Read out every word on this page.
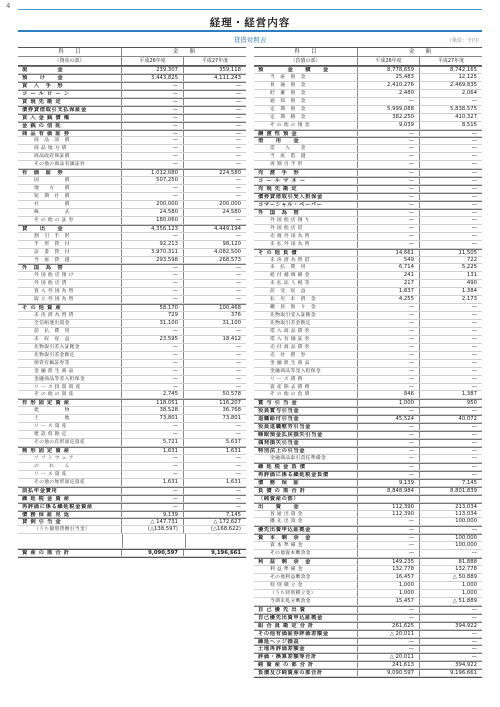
4
経理・経営内容
貸借対照表	（単位：千円）
科　　目	金　　額
（資産の部）	平成26年度	平成27年度
現　　　　　金	239,307	359,118
預　　け　　金	3,443,825	4,111,243
買　入　手　形	—	—
コ ー ル ロ ー ン	—	—
買 現 先 勘 定	—	—
債券貸借取引支払保証金	—	—
買 入 金 銭 債 権	—	—
金 銭 の 信 託	—	—
商 品 有 価 証 券	—	—
商　品　国　債	—	—
商 品 地 方 債	—	—
商品政府保証債	—	—
その他の商品有価証券	—	—
有　価　証　券	1,012,080	224,580
国　　　　　債	507,250	—
地　　方　　債	—	—
短　期　社　債	—	—
社　　　　　債	200,000	200,000
株　　　　　式	24,580	24,580
そ の 他 の 証 券	180,060	—
貸　　出　　金	4,356,123	4,449,194
割　引　手　形	—	—
手　形　貸　付	92,213	98,120
証　書　貸　付	3,970,311	4,082,500
当　座　貸　越	293,598	268,573
外　国　為　替	—	—
外 国 他 店 預 け	—	—
外 国 他 店 貸	—	—
買 入 外 国 為 替	—	—
取 立 外 国 為 替	—	—
そ の 他 資 産	58,170	100,468
未 決 済 為 替 貸	729	376
全信組連出資金	31,100	31,100
前　払　費　用	—	—
未　収　収　益	23,595	18,412
先物取引差入証拠金	—	—
先物取引差金勘定	—	—
保管有価証券等	—	—
金 融 派 生 商 品	—	—
金融商品等差入担保金	—	—
リ ー ス 投 資 資 産	—	—
そ の 他 の 資 産	2,745	50,578
有 形 固 定 資 産	118,051	116,207
建　　　　　物	38,528	36,768
土　　　　　地	73,801	73,801
リ ー ス 資 産	—	—
建 設 仮 勘 定	—	—
その他の有形固定資産	5,721	5,637
無 形 固 定 資 産	1,631	1,631
ソ フ ト ウ ェ ア	—	—
の　　れ　　ん	—	—
リ ー ス 資 産	—	—
その他の無形固定資産	1,631	1,631
前払年金費用	—	—
繰 延 税 金 資 産	—	—
再評価に係る繰延税金資産	—	—
債 務 保 証 見 返	9,139	7,145
貸 倒 引 当 金	△ 147,731	△ 172,627
（うち個別貸倒引当金）	(△138,597)	(△168,622)
資 産 の 部 合 計	9,090,597	9,196,661
科　　目	金　　額
（負債の部）	平成26年度	平成27年度
預　　　　金　　積　　金	8,778,659	8,742,165
当　座　預　金	25,483	12,125
普　通　預　金	2,410,276	2,469,835
貯　蓄　預　金	2,480	2,064
通　知　預　金	—	—
定　期　預　金	5,999,088	5,838,575
定　期　積　金	382,250	410,327
そ の 他 の 預 金	9,039	8,515
譲 渡 性 預 金	—	—
借　　用　　金	—	—
借　　入　　金	—	—
当　座　借　越	—	—
再 割 引 手 形	—	—
売　渡　手　形	—	—
コ ー ル マ ネ ー	—	—
売 現 先 勘 定	—	—
債券貸借取引受入担保金	—	—
コマーシャル・ペーパー	—	—
外　国　為　替	—	—
外 国 他 店 預 り	—	—
外 国 他 店 借	—	—
売 渡 外 国 為 替	—	—
未 払 外 国 為 替	—	—
そ の 他 負 債	14,661	11,505
未 決 済 為 替 借	549	722
未　払　費　用	6,714	5,225
給 付 補 填 備 金	241	131
未 払 法 人 税 等	217	490
前　受　収　益	1,837	1,384
払　戻　未　済　金	4,255	2,173
職　員　預　り　金	—	—
先物取引受入証拠金	—	—
先物取引差金勘定	—	—
借 入 商 品 債 券	—	—
借 入 有 価 証 券	—	—
売 付 商 品 債 券	—	—
売　付　債　券	—	—
金 融 派 生 商 品	—	—
金融商品等受入担保金	—	—
リ ー ス 債 務	—	—
資 産 除 去 債 務	—	—
そ の 他 の 負 債	846	1,387
賞 与 引 当 金	1,000	950
役員賞与引当金	—	—
退職給付引当金	45,524	40,072
役員退職慰労引当金	—	—
睡眠預金払戻損失引当金	—	—
偶発損失引当金	—	—
特別法上の引当金	—	—
金融商品取引責任準備金	—	—
繰 延 税 金 負 債	—	—
再評価に係る繰延税金負債	—	—
債　務　保　証	9,139	7,145
負 債 の 部 合 計	8,848,984	8,801,839
（純資産の部）
出　　資　　金	112,390	213,034
普 通 出 資 金	112,390	113,034
優 先 出 資 金	—	100,000
優先出資申込証拠金	—	—
資　本　剰　余　金	—	100,000
資 本 準 備 金	—	100,000
その他資本剰余金	—	—
利　益　剰　余　金	149,235	81,888
利 益 準 備 金	132,778	132,778
その他利益剰余金	16,457	△ 50,889
特 別 積 立 金	1,000	1,000
（うち特別積立金）	1,000	1,000
当期未処分剰余金	15,457	△ 51,889
自 己 優 先 出 資	—	—
自己優先出資申込証拠金	—	—
組 合 員 勘 定 合 計	261,625	394,922
その他有価証券評価差額金	△ 20,011	—
繰延ヘッジ損益	—	—
土地再評価差額金	—	—
評価・換算差額等合計	△ 20,011	—
純 資 産 の 部 合 計	241,613	394,922
負債及び純資産の部合計	9,090,597	9,196,661
